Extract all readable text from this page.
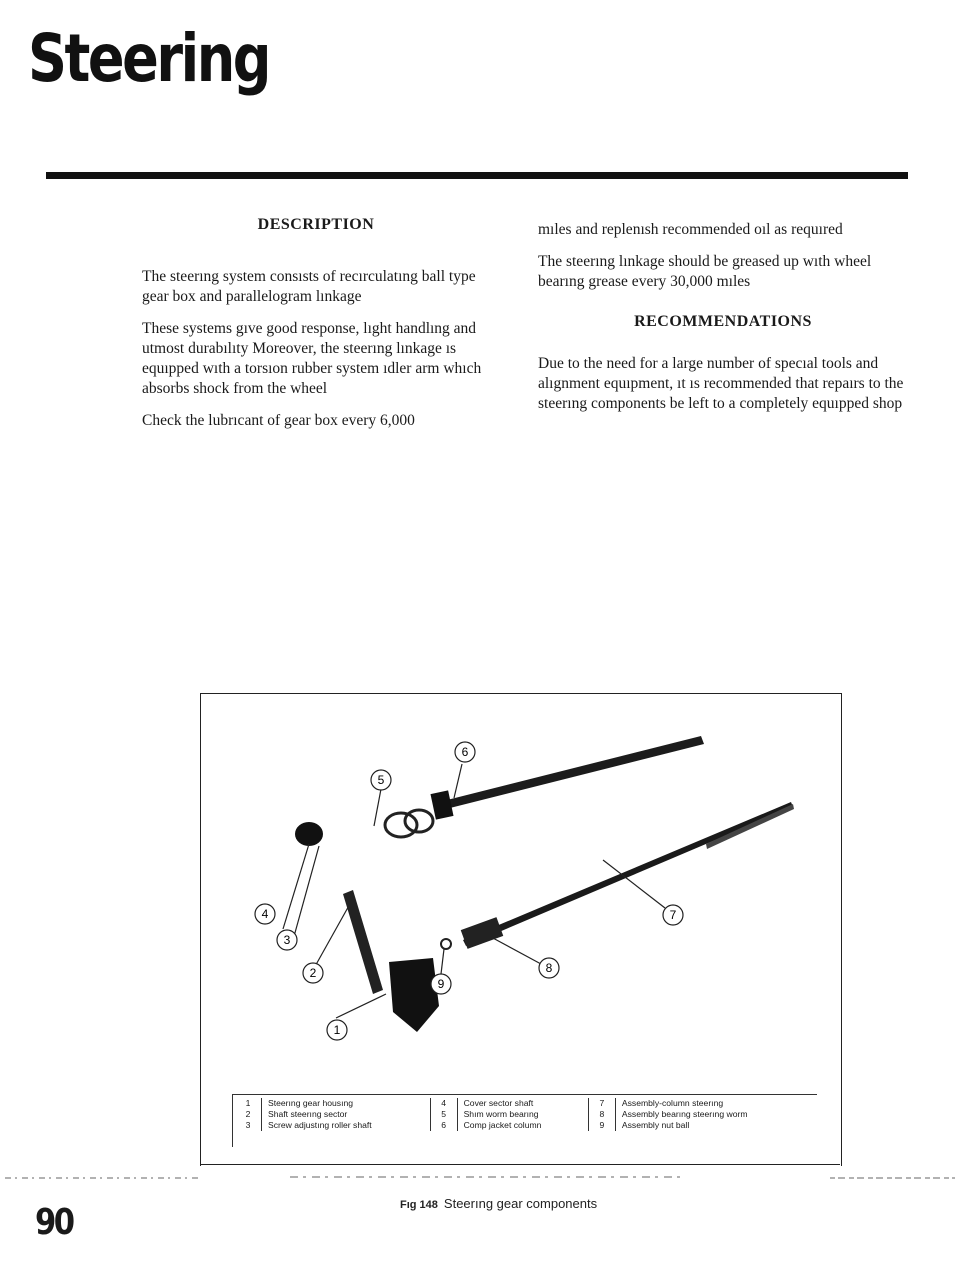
Steering
DESCRIPTION

The steerıng system consısts of recırculatıng ball type gear box and parallelogram lınkage

These systems gıve good response, lıght handlıng and utmost durabılıty Moreover, the steerıng lınkage ıs equıpped wıth a torsıon rubber system ıdler arm whıch absorbs shock from the wheel

Check the lubrıcant of gear box every 6,000

mıles and replenısh recommended oıl as requıred

The steerıng lınkage should be greased up wıth wheel bearıng grease every 30,000 mıles

RECOMMENDATIONS

Due to the need for a large number of specıal tools and alıgnment equıpment, ıt ıs recommended that repaırs to the steerıng components be left to a completely equıpped shop

1
2
3
4
5
6
7
8
9
1	Steerıng gear housıng	4	Cover sector shaft	7	Assembly-column steerıng
2	Shaft steerıng sector	5	Shım worm bearıng	8	Assembly bearıng steerıng worm
3	Screw adjustıng roller shaft	6	Comp jacket column	9	Assembly nut ball
Fıg 148 Steerıng gear components
90
